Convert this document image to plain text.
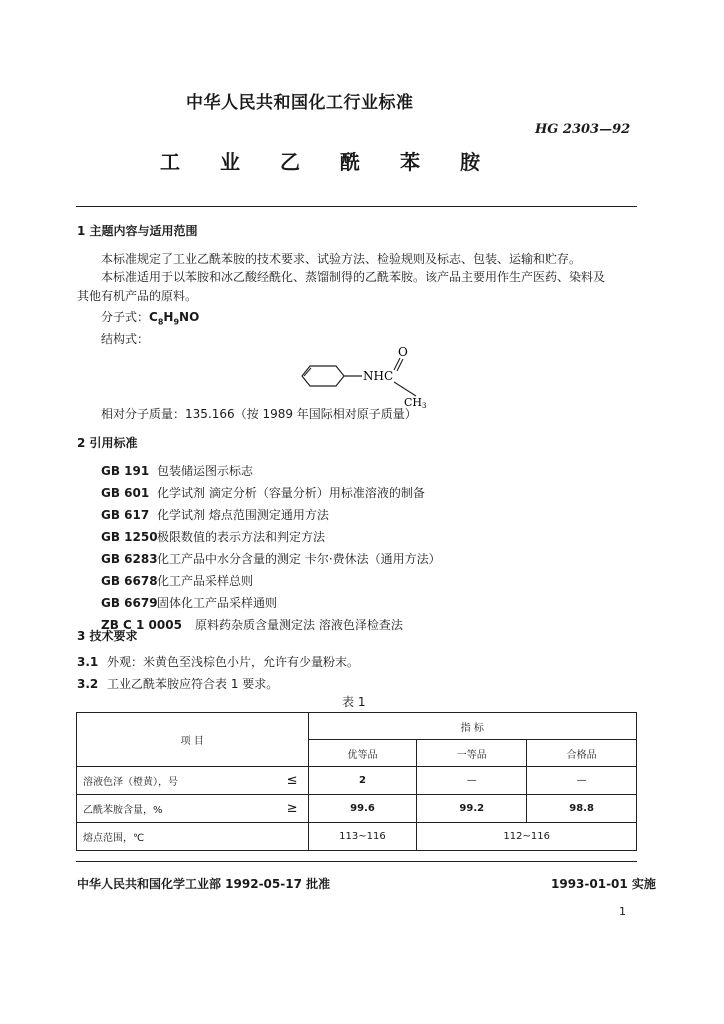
中华人民共和国化工行业标准
HG 2303—92
工 业 乙 酰 苯 胺
1 主题内容与适用范围
本标准规定了工业乙酰苯胺的技术要求、试验方法、检验规则及标志、包装、运输和贮存。
本标准适用于以苯胺和冰乙酸经酰化、蒸馏制得的乙酰苯胺。该产品主要用作生产医药、染料及
其他有机产品的原料。
分子式：$C_8H_9NO$
结构式：
NHC
O
CH3
相对分子质量：135.166（按 1989 年国际相对原子质量）
2 引用标准
GB 191 包装储运图示标志
GB 601 化学试剂 滴定分析（容量分析）用标准溶液的制备
GB 617 化学试剂 熔点范围测定通用方法
GB 1250极限数值的表示方法和判定方法
GB 6283化工产品中水分含量的测定 卡尔·费休法（通用方法）
GB 6678化工产品采样总则
GB 6679固体化工产品采样通则
ZB C 1 0005 原料药杂质含量测定法 溶液色泽检查法
3 技术要求
3.1 外观：米黄色至浅棕色小片，允许有少量粉末。
3.2 工业乙酰苯胺应符合表 1 要求。
表 1
项 目	指 标		
	优等品	一等品	合格品
溶液色泽（橙黄），号 ≤	2	—	—
乙酰苯胺含量，% ≥	99.6	99.2	98.8
熔点范围，℃	113~116	112~116	
中华人民共和国化学工业部 1992-05-17 批准	1993-01-01 实施
1
